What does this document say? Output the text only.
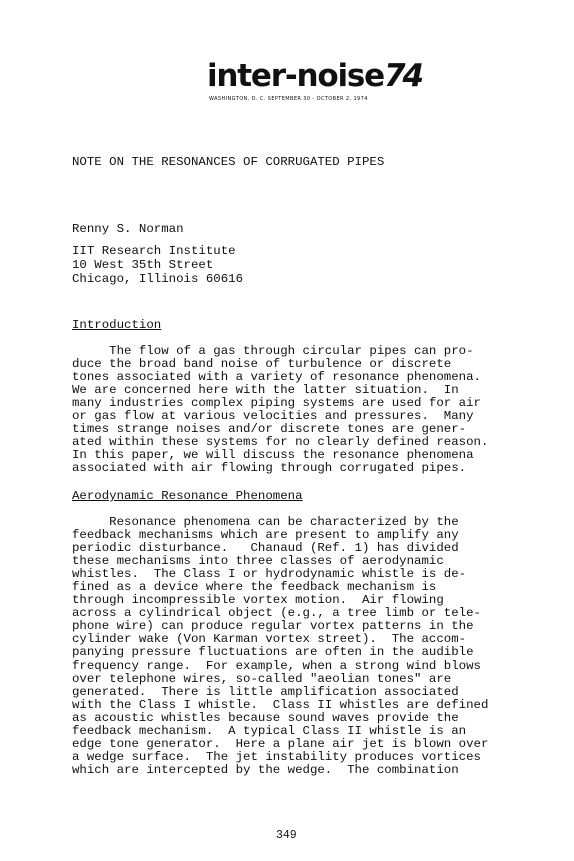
inter-noise74
WASHINGTON, D. C. SEPTEMBER 30 - OCTOBER 2, 1974
NOTE ON THE RESONANCES OF CORRUGATED PIPES
Renny S. Norman
IIT Research Institute
10 West 35th Street
Chicago, Illinois 60616
Introduction
The flow of a gas through circular pipes can pro-
duce the broad band noise of turbulence or discrete
tones associated with a variety of resonance phenomena.
We are concerned here with the latter situation.  In
many industries complex piping systems are used for air
or gas flow at various velocities and pressures.  Many
times strange noises and/or discrete tones are gener-
ated within these systems for no clearly defined reason.
In this paper, we will discuss the resonance phenomena
associated with air flowing through corrugated pipes.
Aerodynamic Resonance Phenomena
Resonance phenomena can be characterized by the
feedback mechanisms which are present to amplify any
periodic disturbance.   Chanaud (Ref. 1) has divided
these mechanisms into three classes of aerodynamic
whistles.  The Class I or hydrodynamic whistle is de-
fined as a device where the feedback mechanism is
through incompressible vortex motion.  Air flowing
across a cylindrical object (e.g., a tree limb or tele-
phone wire) can produce regular vortex patterns in the
cylinder wake (Von Karman vortex street).  The accom-
panying pressure fluctuations are often in the audible
frequency range.  For example, when a strong wind blows
over telephone wires, so-called "aeolian tones" are
generated.  There is little amplification associated
with the Class I whistle.  Class II whistles are defined
as acoustic whistles because sound waves provide the
feedback mechanism.  A typical Class II whistle is an
edge tone generator.  Here a plane air jet is blown over
a wedge surface.  The jet instability produces vortices
which are intercepted by the wedge.  The combination
349
